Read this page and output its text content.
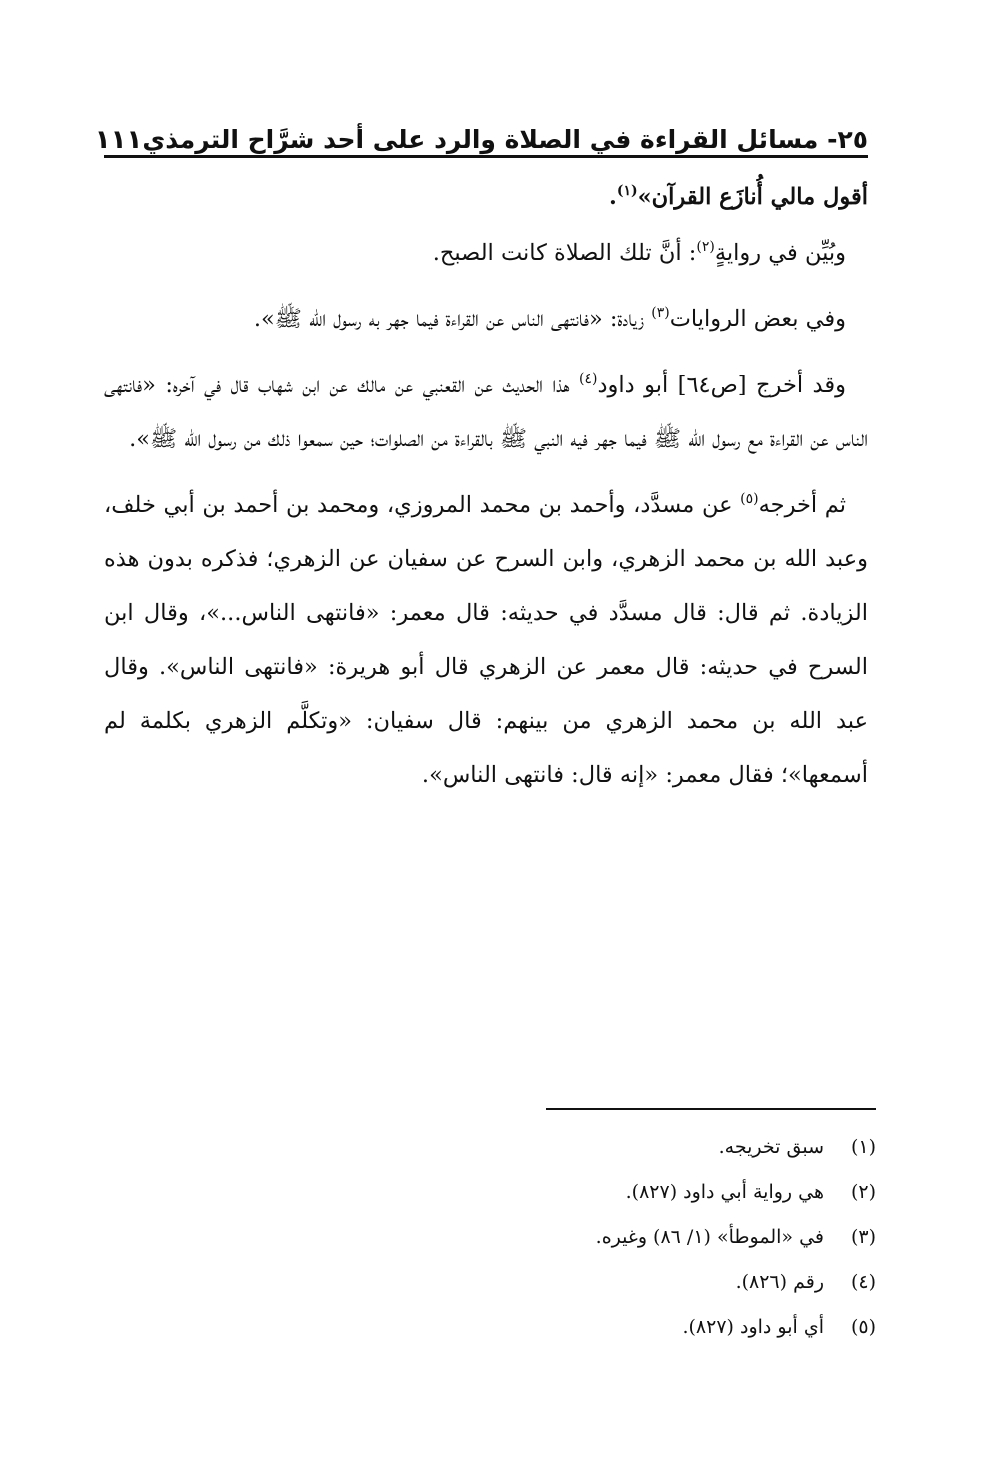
٢٥- مسائل القراءة في الصلاة والرد على أحد شرَّاح الترمذي
١١١

أقول مالي أُنازَع القرآن»$^{(١)}$.

وبُيِّن في روايةٍ$^{(٢)}$: أنَّ تلك الصلاة كانت الصبح.

وفي بعض الروايات$^{(٣)}$ زيادة: «فانتهى الناس عن القراءة فيما جهر به رسول الله ﷺ».

وقد أخرج [ص٦٤] أبو داود$^{(٤)}$ هذا الحديث عن القعنبي عن مالك عن ابن شهاب قال في آخره: «فانتهى الناس عن القراءة مع رسول الله ﷺ فيما جهر فيه النبي ﷺ بالقراءة من الصلوات؛ حين سمعوا ذلك من رسول الله ﷺ».

ثم أخرجه$^{(٥)}$ عن مسدَّد، وأحمد بن محمد المروزي، ومحمد بن أحمد بن أبي خلف، وعبد الله بن محمد الزهري، وابن السرح عن سفيان عن الزهري؛ فذكره بدون هذه الزيادة. ثم قال: قال مسدَّد في حديثه: قال معمر: «فانتهى الناس...»، وقال ابن السرح في حديثه: قال معمر عن الزهري قال أبو هريرة: «فانتهى الناس». وقال عبد الله بن محمد الزهري من بينهم: قال سفيان: «وتكلَّم الزهري بكلمة لم أسمعها»؛ فقال معمر: «إنه قال: فانتهى الناس».

(١)
سبق تخريجه.
(٢)
هي رواية أبي داود (٨٢٧).
(٣)
في «الموطأ» (١/ ٨٦) وغيره.
(٤)
رقم (٨٢٦).
(٥)
أي أبو داود (٨٢٧).
